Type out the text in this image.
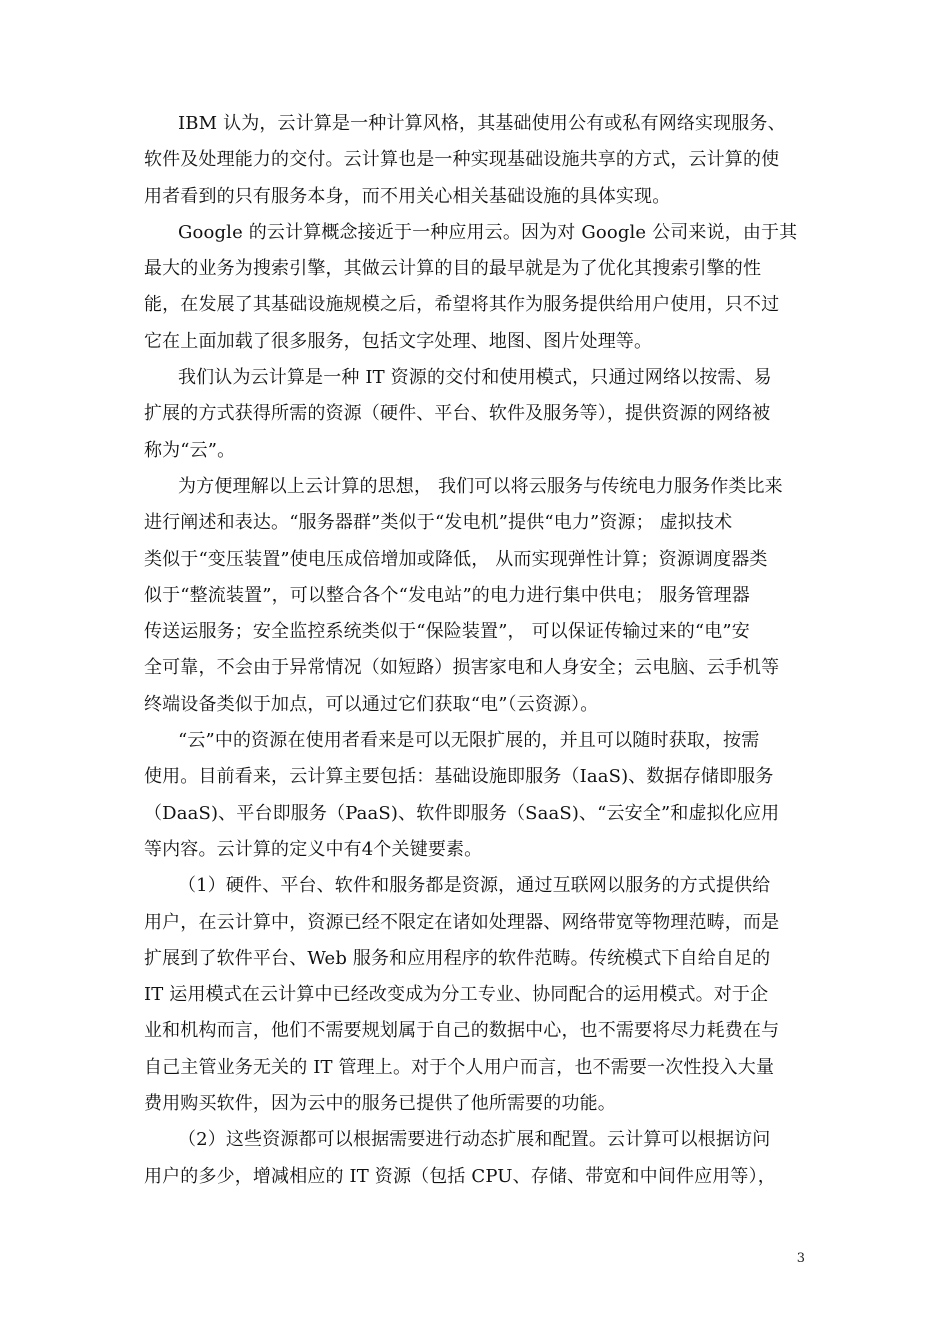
IBM 认为，云计算是一种计算风格，其基础使用公有或私有网络实现服务、
软件及处理能力的交付。云计算也是一种实现基础设施共享的方式，云计算的使
用者看到的只有服务本身，而不用关心相关基础设施的具体实现。

Google 的云计算概念接近于一种应用云。因为对 Google 公司来说，由于其
最大的业务为搜索引擎，其做云计算的目的最早就是为了优化其搜索引擎的性
能，在发展了其基础设施规模之后，希望将其作为服务提供给用户使用，只不过
它在上面加载了很多服务，包括文字处理、地图、图片处理等。

我们认为云计算是一种 IT 资源的交付和使用模式，只通过网络以按需、易
扩展的方式获得所需的资源（硬件、平台、软件及服务等），提供资源的网络被
称为“云”。

为方便理解以上云计算的思想， 我们可以将云服务与传统电力服务作类比来
进行阐述和表达。“服务器群”类似于“发电机”提供“电力”资源； 虚拟技术
类似于“变压装置”使电压成倍增加或降低， 从而实现弹性计算；资源调度器类
似于“整流装置”，可以整合各个“发电站”的电力进行集中供电； 服务管理器
传送运服务；安全监控系统类似于“保险装置”， 可以保证传输过来的“电”安
全可靠，不会由于异常情况（如短路）损害家电和人身安全；云电脑、云手机等
终端设备类似于加点，可以通过它们获取“电”（云资源）。

“云”中的资源在使用者看来是可以无限扩展的，并且可以随时获取，按需
使用。目前看来，云计算主要包括：基础设施即服务（IaaS)、数据存储即服务
（DaaS)、平台即服务（PaaS)、软件即服务（SaaS)、“云安全”和虚拟化应用
等内容。云计算的定义中有4个关键要素。

（1）硬件、平台、软件和服务都是资源，通过互联网以服务的方式提供给
用户，在云计算中，资源已经不限定在诸如处理器、网络带宽等物理范畴，而是
扩展到了软件平台、Web 服务和应用程序的软件范畴。传统模式下自给自足的
IT 运用模式在云计算中已经改变成为分工专业、协同配合的运用模式。对于企
业和机构而言，他们不需要规划属于自己的数据中心，也不需要将尽力耗费在与
自己主管业务无关的 IT 管理上。对于个人用户而言，也不需要一次性投入大量
费用购买软件，因为云中的服务已提供了他所需要的功能。

（2）这些资源都可以根据需要进行动态扩展和配置。云计算可以根据访问
用户的多少，增减相应的 IT 资源（包括 CPU、存储、带宽和中间件应用等），

3
